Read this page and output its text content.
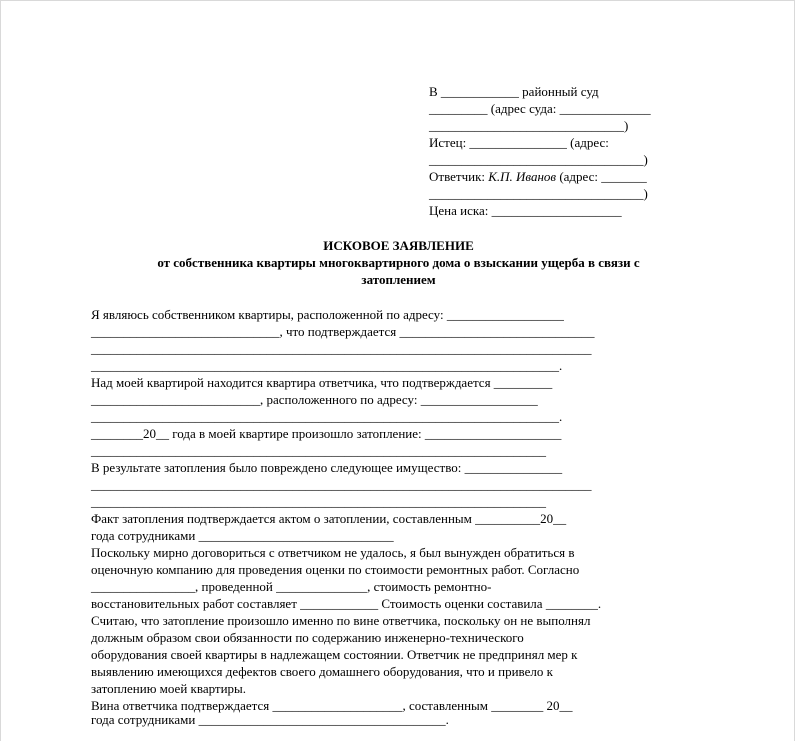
В ____________ районный суд

_________ (адрес суда: ______________

______________________________)

Истец: _______________ (адрес:

_________________________________)

Ответчик: К.П. Иванов (адрес: _______

_________________________________)

Цена иска: ____________________

ИСКОВОЕ ЗАЯВЛЕНИЕ
от собственника квартиры многоквартирного дома о взыскании ущерба в связи с
затоплением

Я являюсь собственником квартиры, расположенной по адресу: __________________

_____________________________, что подтверждается ______________________________

_____________________________________________________________________________

________________________________________________________________________.

Над моей квартирой находится квартира ответчика, что подтверждается _________

__________________________, расположенного по адресу: __________________

________________________________________________________________________.

________20__ года в моей квартире произошло затопление: _____________________

______________________________________________________________________

В результате затопления было повреждено следующее имущество: _______________

_____________________________________________________________________________

______________________________________________________________________

Факт затопления подтверждается актом о затоплении, составленным __________20__

года сотрудниками ______________________________

Поскольку мирно договориться с ответчиком не удалось, я был вынужден обратиться в

оценочную компанию для проведения оценки по стоимости ремонтных работ. Согласно

________________, проведенной ______________, стоимость ремонтно-

восстановительных работ составляет ____________ Стоимость оценки составила ________.

Считаю, что затопление произошло именно по вине ответчика, поскольку он не выполнял

должным образом свои обязанности по содержанию инженерно-технического

оборудования своей квартиры в надлежащем состоянии. Ответчик не предпринял мер к

выявлению имеющихся дефектов своего домашнего оборудования, что и привело к

затоплению моей квартиры.

Вина ответчика подтверждается ____________________, составленным ________ 20__

года сотрудниками ______________________________________.
